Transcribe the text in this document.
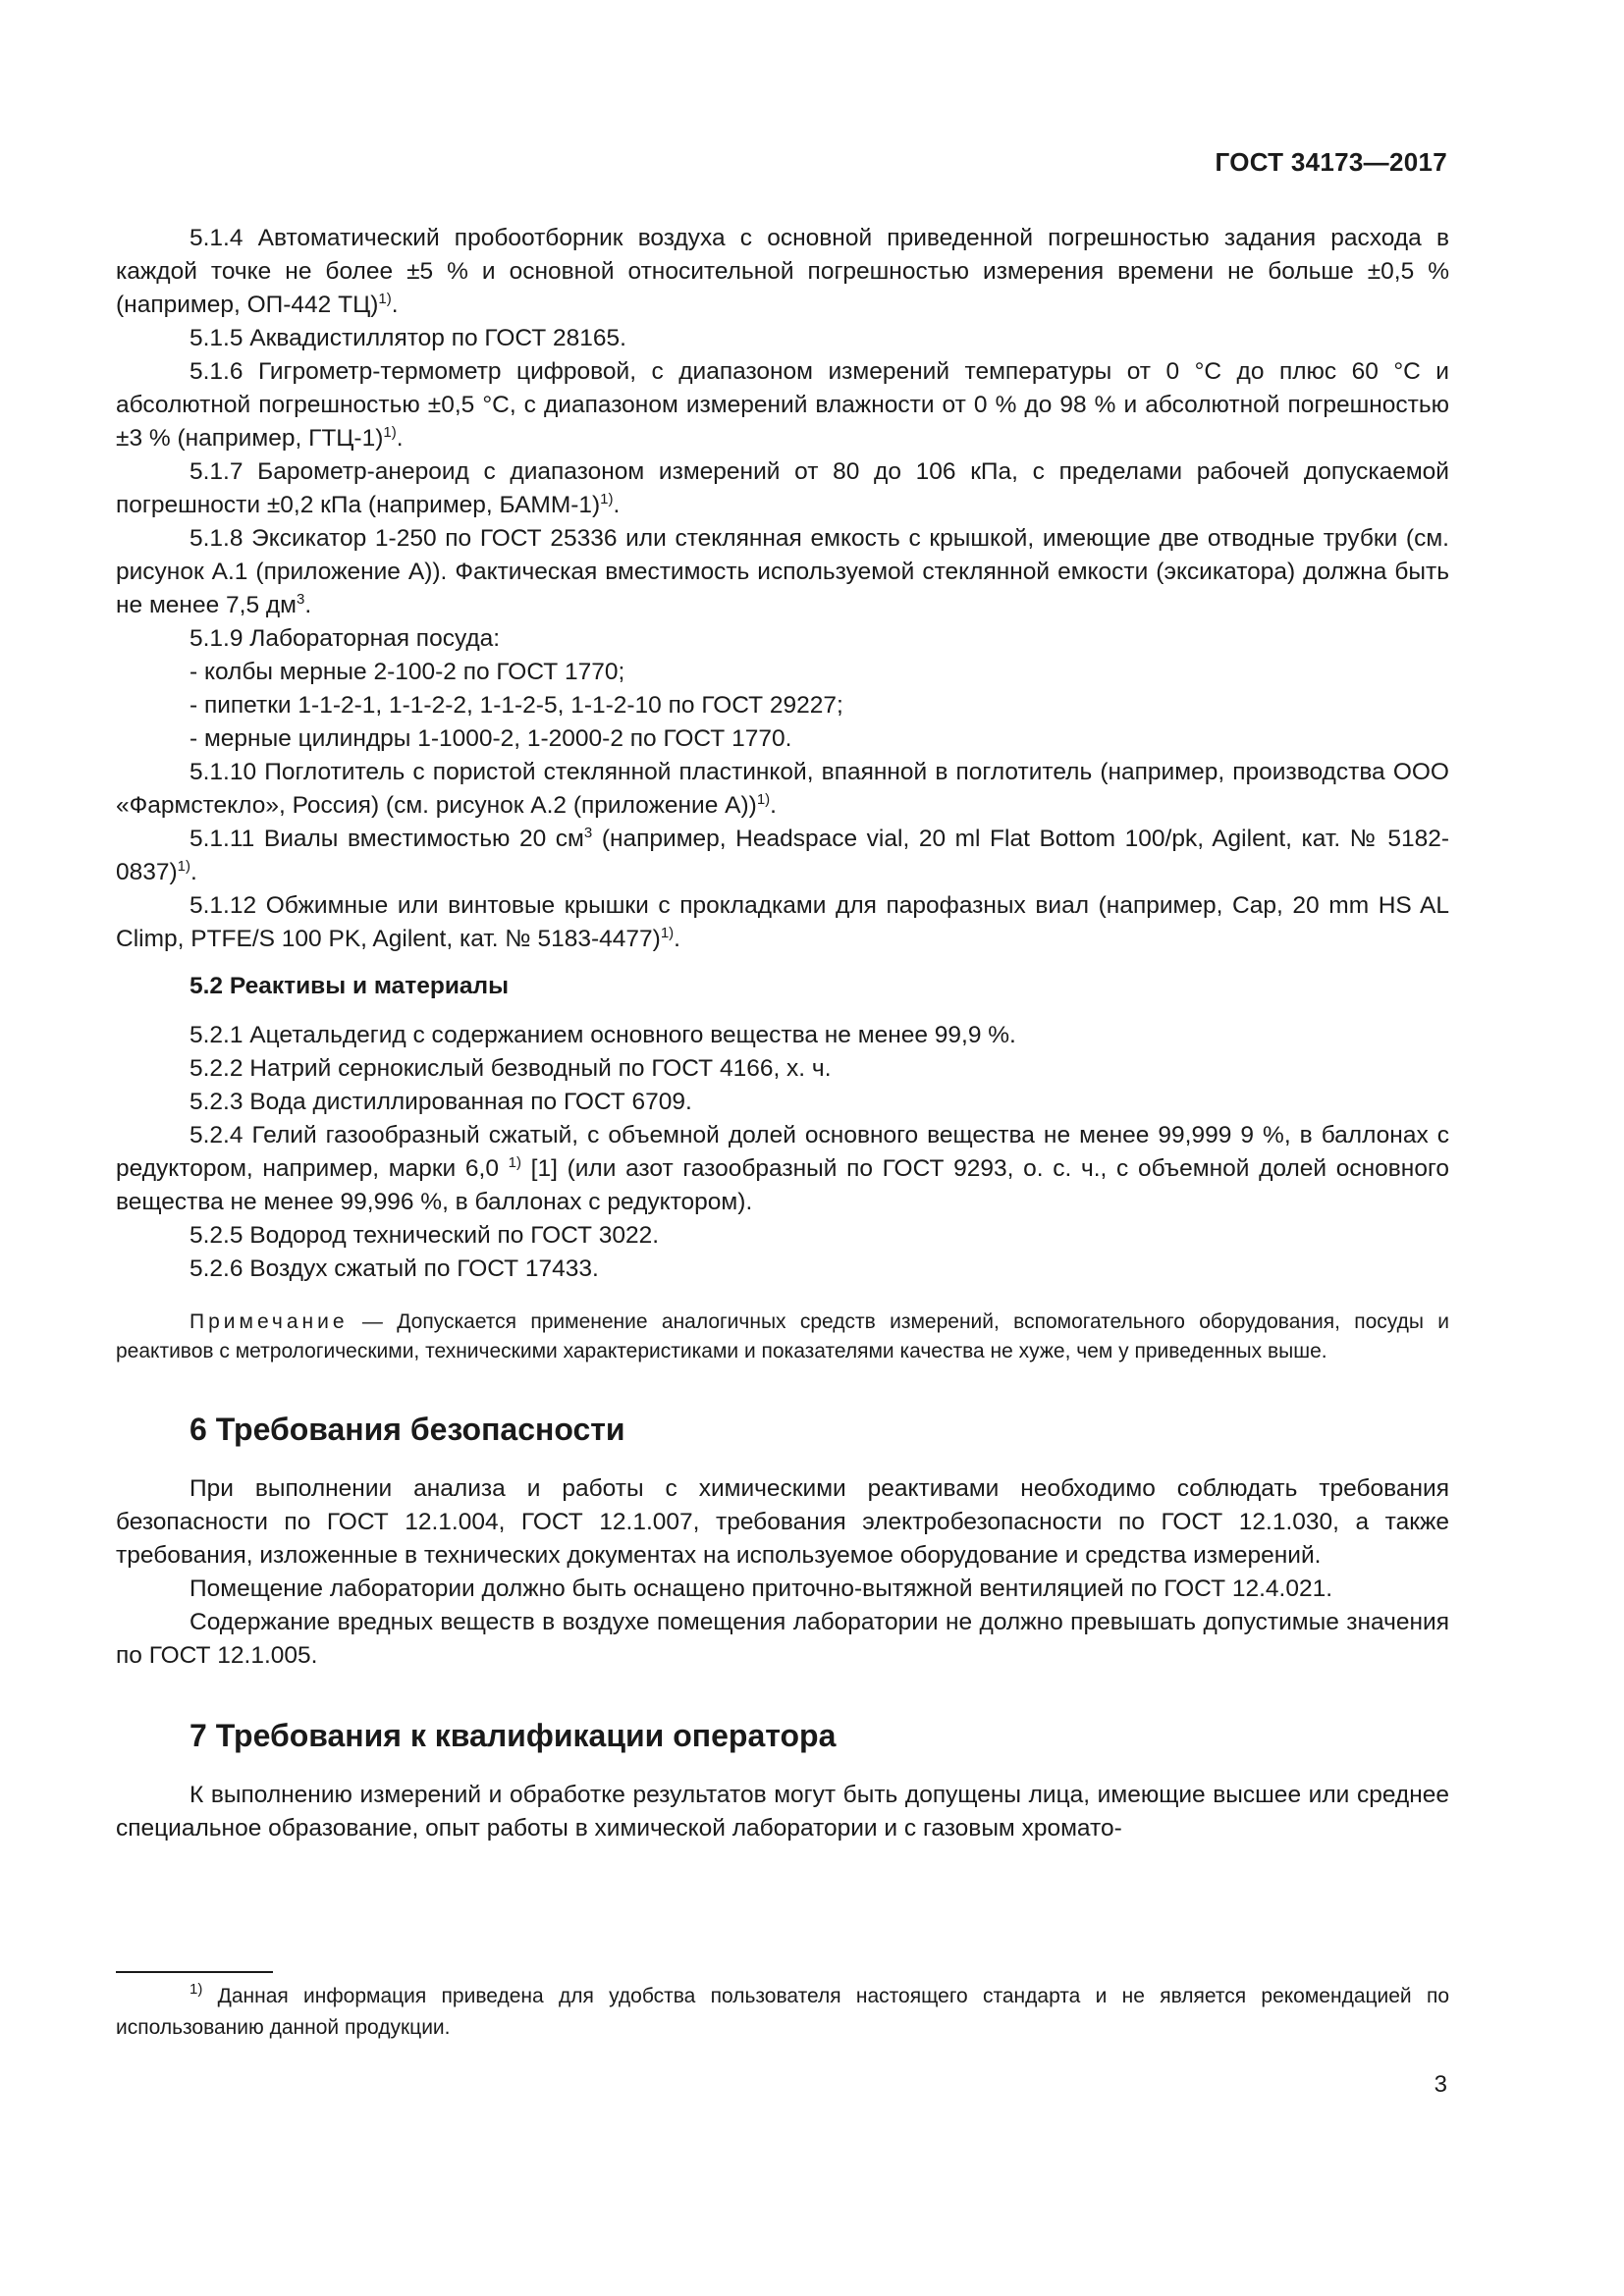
ГОСТ 34173—2017

5.1.4 Автоматический пробоотборник воздуха с основной приведенной погрешностью задания расхода в каждой точке не более ±5 % и основной относительной погрешностью измерения времени не больше ±0,5 % (например, ОП-442 ТЦ)$^{1)}$.

5.1.5 Аквадистиллятор по ГОСТ 28165.

5.1.6 Гигрометр-термометр цифровой, с диапазоном измерений температуры от 0 °С до плюс 60 °С и абсолютной погрешностью ±0,5 °С, с диапазоном измерений влажности от 0 % до 98 % и абсолютной погрешностью ±3 % (например, ГТЦ-1)$^{1)}$.

5.1.7 Барометр-анероид с диапазоном измерений от 80 до 106 кПа, с пределами рабочей допускаемой погрешности ±0,2 кПа (например, БАММ-1)$^{1)}$.

5.1.8 Эксикатор 1-250 по ГОСТ 25336 или стеклянная емкость с крышкой, имеющие две отводные трубки (см. рисунок А.1 (приложение А)). Фактическая вместимость используемой стеклянной емкости (эксикатора) должна быть не менее 7,5 $дм^3$.

5.1.9 Лабораторная посуда:

- колбы мерные 2-100-2 по ГОСТ 1770;

- пипетки 1-1-2-1, 1-1-2-2, 1-1-2-5, 1-1-2-10 по ГОСТ 29227;

- мерные цилиндры 1-1000-2, 1-2000-2 по ГОСТ 1770.

5.1.10 Поглотитель с пористой стеклянной пластинкой, впаянной в поглотитель (например, производства ООО «Фармстекло», Россия) (см. рисунок А.2 (приложение А))$^{1)}$.

5.1.11 Виалы вместимостью 20 $см^3$ (например, Headspace vial, 20 ml Flat Bottom 100/pk, Agilent, кат. № 5182-0837)$^{1)}$.

5.1.12 Обжимные или винтовые крышки с прокладками для парофазных виал (например, Cap, 20 mm HS AL Climp, PTFE/S 100 PK, Agilent, кат. № 5183-4477)$^{1)}$.

5.2 Реактивы и материалы

5.2.1 Ацетальдегид с содержанием основного вещества не менее 99,9 %.

5.2.2 Натрий сернокислый безводный по ГОСТ 4166, х. ч.

5.2.3 Вода дистиллированная по ГОСТ 6709.

5.2.4 Гелий газообразный сжатый, с объемной долей основного вещества не менее 99,999 9 %, в баллонах с редуктором, например, марки 6,0 $^{1)}$ [1] (или азот газообразный по ГОСТ 9293, о. с. ч., с объемной долей основного вещества не менее 99,996 %, в баллонах с редуктором).

5.2.5 Водород технический по ГОСТ 3022.

5.2.6 Воздух сжатый по ГОСТ 17433.

Примечание — Допускается применение аналогичных средств измерений, вспомогательного оборудования, посуды и реактивов с метрологическими, техническими характеристиками и показателями качества не хуже, чем у приведенных выше.

6 Требования безопасности

При выполнении анализа и работы с химическими реактивами необходимо соблюдать требования безопасности по ГОСТ 12.1.004, ГОСТ 12.1.007, требования электробезопасности по ГОСТ 12.1.030, а также требования, изложенные в технических документах на используемое оборудование и средства измерений.

Помещение лаборатории должно быть оснащено приточно-вытяжной вентиляцией по ГОСТ 12.4.021.

Содержание вредных веществ в воздухе помещения лаборатории не должно превышать допустимые значения по ГОСТ 12.1.005.

7 Требования к квалификации оператора

К выполнению измерений и обработке результатов могут быть допущены лица, имеющие высшее или среднее специальное образование, опыт работы в химической лаборатории и с газовым хромато-

$^{1)}$ Данная информация приведена для удобства пользователя настоящего стандарта и не является рекомендацией по использованию данной продукции.

3
